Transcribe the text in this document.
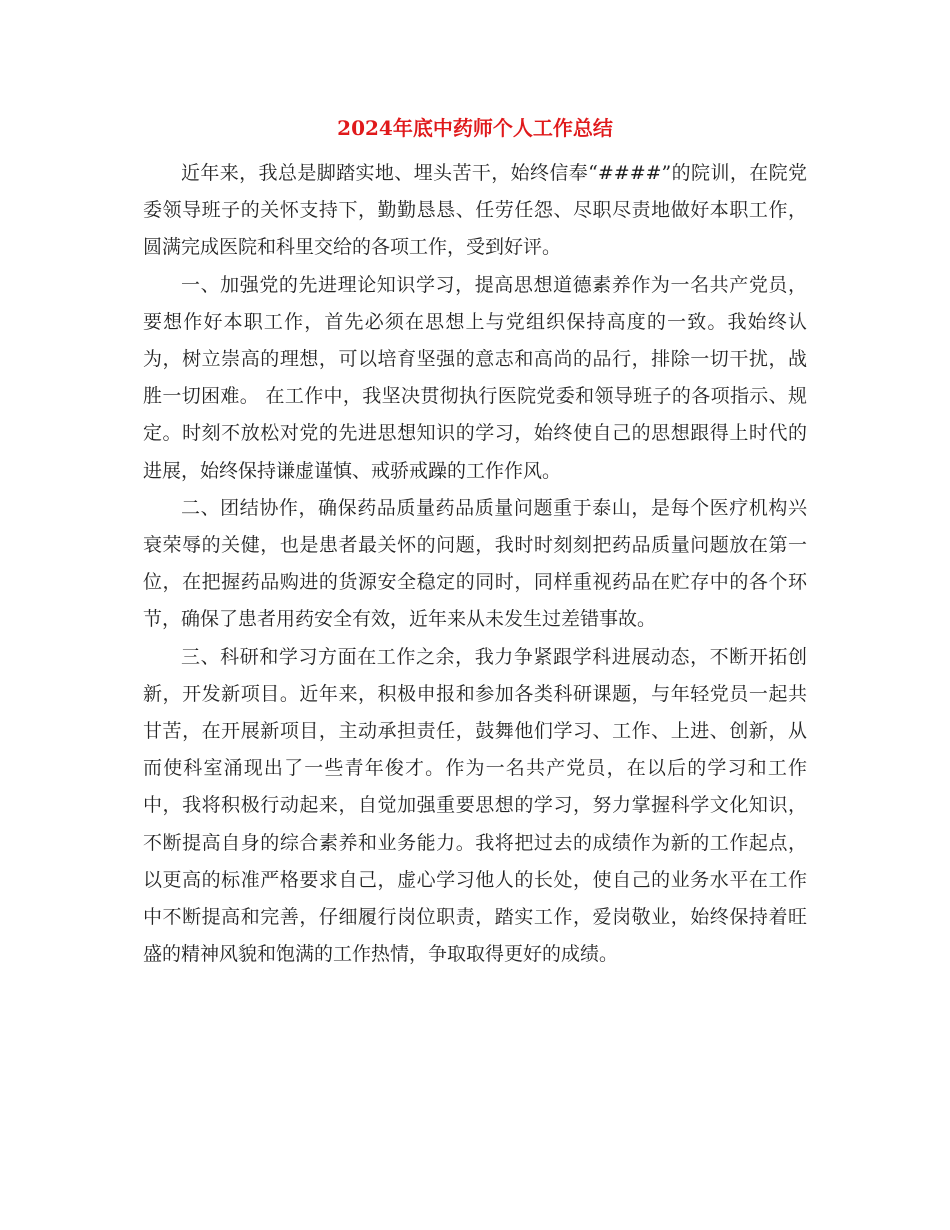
2024年底中药师个人工作总结

近年来，我总是脚踏实地、埋头苦干，始终信奉“####”的院训，在院党委领导班子的关怀支持下，勤勤恳恳、任劳任怨、尽职尽责地做好本职工作，圆满完成医院和科里交给的各项工作，受到好评。

一、加强党的先进理论知识学习，提高思想道德素养作为一名共产党员，要想作好本职工作，首先必须在思想上与党组织保持高度的一致。我始终认为，树立崇高的理想，可以培育坚强的意志和高尚的品行，排除一切干扰，战胜一切困难。 在工作中，我坚决贯彻执行医院党委和领导班子的各项指示、规定。时刻不放松对党的先进思想知识的学习，始终使自己的思想跟得上时代的进展，始终保持谦虚谨慎、戒骄戒躁的工作作风。

二、团结协作，确保药品质量药品质量问题重于泰山，是每个医疗机构兴衰荣辱的关健，也是患者最关怀的问题，我时时刻刻把药品质量问题放在第一位，在把握药品购进的货源安全稳定的同时，同样重视药品在贮存中的各个环节，确保了患者用药安全有效，近年来从未发生过差错事故。

三、科研和学习方面在工作之余，我力争紧跟学科进展动态，不断开拓创新，开发新项目。近年来，积极申报和参加各类科研课题，与年轻党员一起共甘苦，在开展新项目，主动承担责任，鼓舞他们学习、工作、上进、创新，从而使科室涌现出了一些青年俊才。作为一名共产党员，在以后的学习和工作中，我将积极行动起来，自觉加强重要思想的学习，努力掌握科学文化知识，不断提高自身的综合素养和业务能力。我将把过去的成绩作为新的工作起点，以更高的标准严格要求自己，虚心学习他人的长处，使自己的业务水平在工作中不断提高和完善，仔细履行岗位职责，踏实工作，爱岗敬业，始终保持着旺盛的精神风貌和饱满的工作热情，争取取得更好的成绩。
